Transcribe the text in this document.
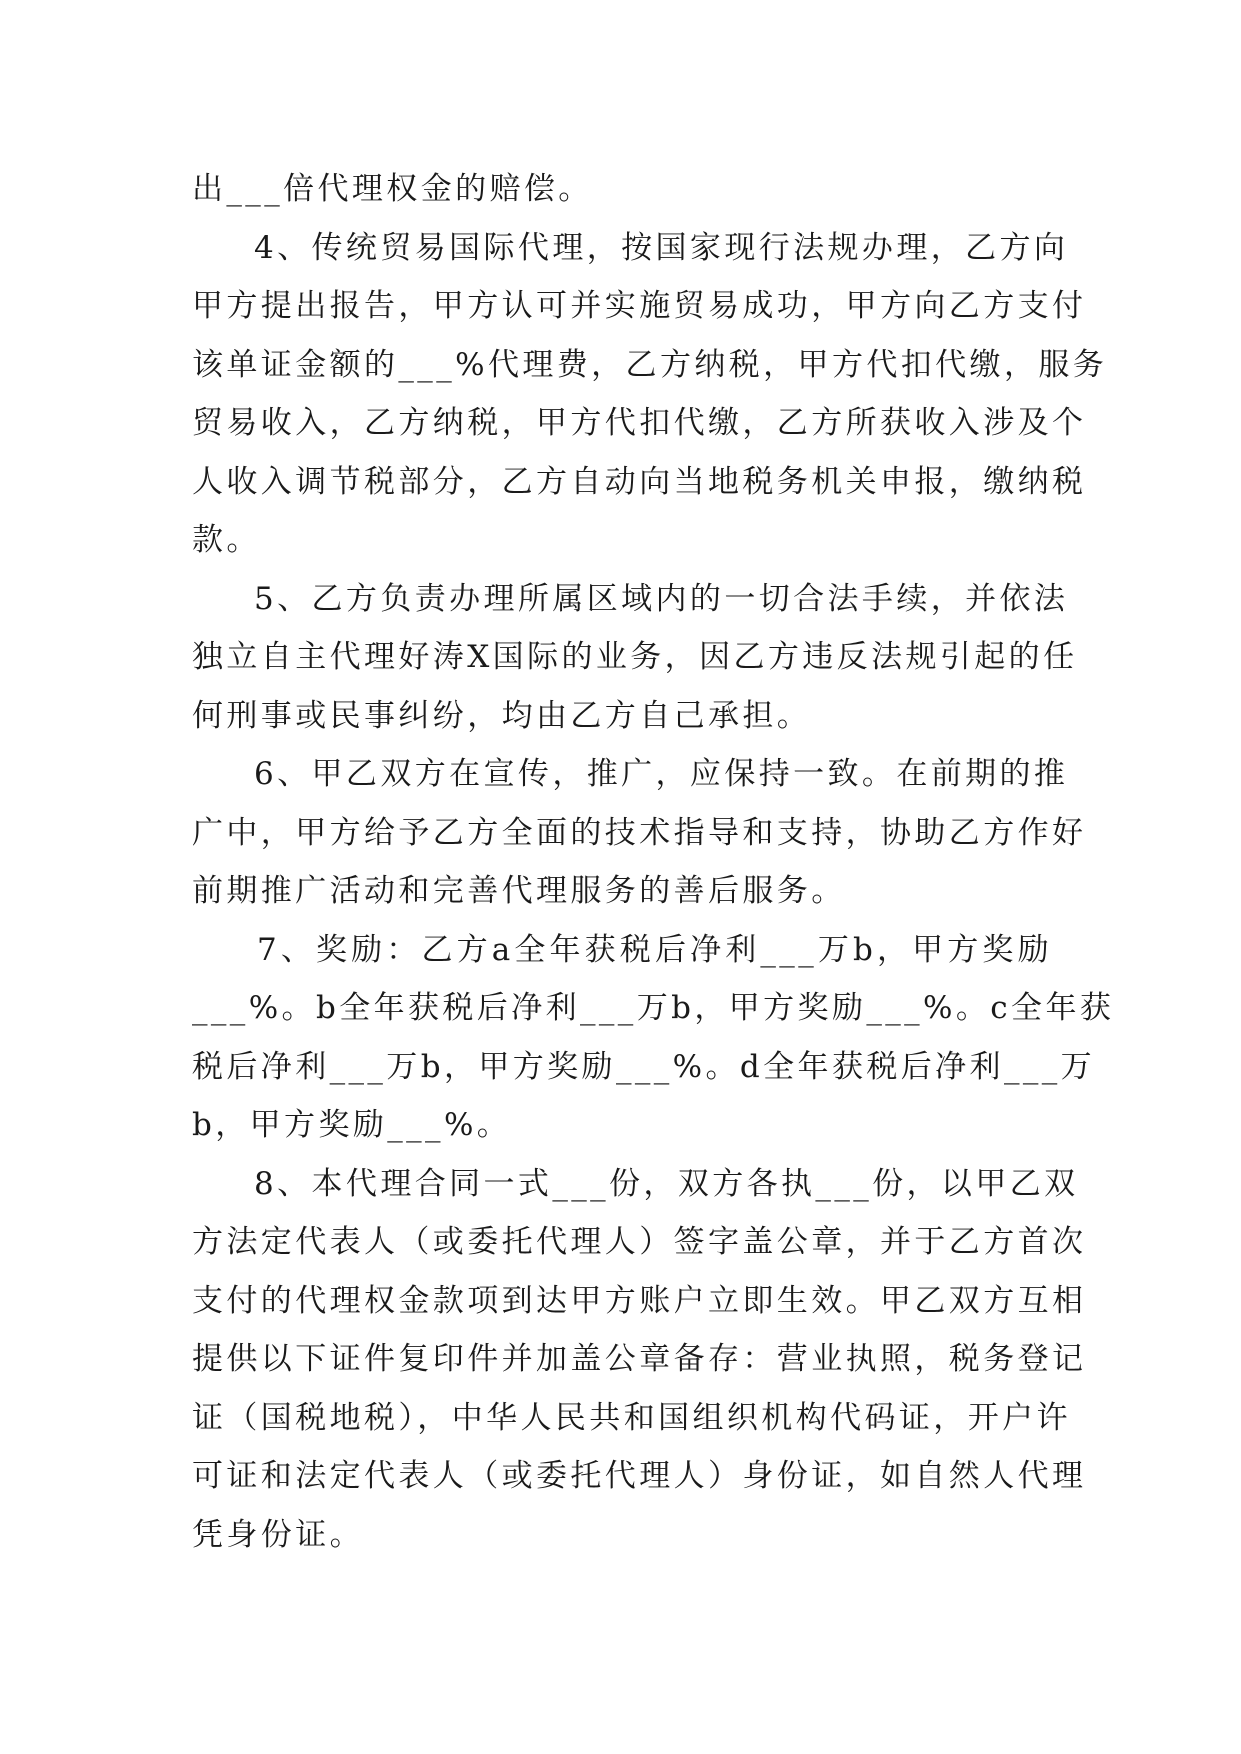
出___倍代理权金的赔偿。
4、传统贸易国际代理，按国家现行法规办理，乙方向
甲方提出报告，甲方认可并实施贸易成功，甲方向乙方支付
该单证金额的___%代理费，乙方纳税，甲方代扣代缴，服务
贸易收入，乙方纳税，甲方代扣代缴，乙方所获收入涉及个
人收入调节税部分，乙方自动向当地税务机关申报，缴纳税
款。
5、乙方负责办理所属区域内的一切合法手续，并依法
独立自主代理好涛X国际的业务，因乙方违反法规引起的任
何刑事或民事纠纷，均由乙方自己承担。
6、甲乙双方在宣传，推广，应保持一致。在前期的推
广中，甲方给予乙方全面的技术指导和支持，协助乙方作好
前期推广活动和完善代理服务的善后服务。
7、奖励：乙方a全年获税后净利___万b，甲方奖励
___%。b全年获税后净利___万b，甲方奖励___%。c全年获
税后净利___万b，甲方奖励___%。d全年获税后净利___万
b，甲方奖励___%。
8、本代理合同一式___份，双方各执___份，以甲乙双
方法定代表人（或委托代理人）签字盖公章，并于乙方首次
支付的代理权金款项到达甲方账户立即生效。甲乙双方互相
提供以下证件复印件并加盖公章备存：营业执照，税务登记
证（国税地税），中华人民共和国组织机构代码证，开户许
可证和法定代表人（或委托代理人）身份证，如自然人代理
凭身份证。
